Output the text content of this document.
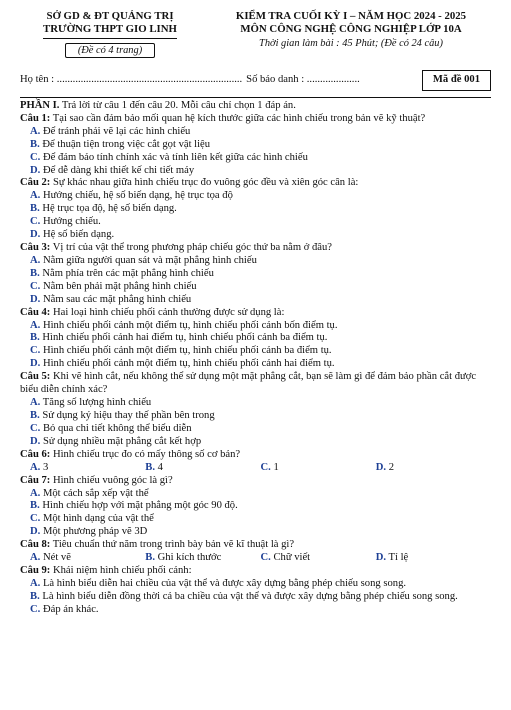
SỞ GD & ĐT QUẢNG TRỊ
TRƯỜNG THPT GIO LINH
(Đề có 4 trang)
KIỂM TRA CUỐI KỲ I – NĂM HỌC 2024 - 2025
MÔN CÔNG NGHỆ CÔNG NGHIỆP LỚP 10A
Thời gian làm bài : 45 Phút; (Đề có 24 câu)
Họ tên : ...................................................................... Số báo danh : ....................	Mã đề 001
PHẦN I. Trả lời từ câu 1 đến câu 20. Mỗi câu chỉ chọn 1 đáp án.
Câu 1: Tại sao cần đảm bảo mối quan hệ kích thước giữa các hình chiếu trong bản vẽ kỹ thuật?
A. Để tránh phải vẽ lại các hình chiếu
B. Để thuận tiện trong việc cắt gọt vật liệu
C. Để đảm bảo tính chính xác và tính liên kết giữa các hình chiếu
D. Để dễ dàng khi thiết kế chi tiết máy
Câu 2: Sự khác nhau giữa hình chiếu trục đo vuông góc đều và xiên góc cân là:
A. Hướng chiếu, hệ số biến dạng, hệ trục tọa độ
B. Hệ trục tọa độ, hệ số biến dạng.
C. Hướng chiếu.
D. Hệ số biến dạng.
Câu 3: Vị trí của vật thể trong phương pháp chiếu góc thứ ba nằm ở đâu?
A. Nằm giữa người quan sát và mặt phẳng hình chiếu
B. Nằm phía trên các mặt phẳng hình chiếu
C. Nằm bên phải mặt phẳng hình chiếu
D. Nằm sau các mặt phẳng hình chiếu
Câu 4: Hai loại hình chiếu phối cảnh thường được sử dụng là:
A. Hình chiếu phối cảnh một điểm tụ, hình chiếu phối cảnh bốn điểm tụ.
B. Hình chiếu phối cảnh hai điểm tụ, hình chiếu phối cảnh ba điểm tụ.
C. Hình chiếu phối cảnh một điểm tụ, hình chiếu phối cảnh ba điểm tụ.
D. Hình chiếu phối cảnh một điểm tụ, hình chiếu phối cảnh hai điểm tụ.
Câu 5: Khi vẽ hình cắt, nếu không thể sử dụng một mặt phẳng cắt, bạn sẽ làm gì để đảm bảo phần cắt được biểu diễn chính xác?
A. Tăng số lượng hình chiếu
B. Sử dụng ký hiệu thay thế phần bên trong
C. Bỏ qua chi tiết không thể biểu diễn
D. Sử dụng nhiều mặt phẳng cắt kết hợp
Câu 6: Hình chiếu trục đo có mấy thông số cơ bản?
A. 3	B. 4	C. 1	D. 2
Câu 7: Hình chiếu vuông góc là gì?
A. Một cách sắp xếp vật thể
B. Hình chiếu hợp với mặt phẳng một góc 90 độ.
C. Một hình dạng của vật thể
D. Một phương pháp vẽ 3D
Câu 8: Tiêu chuẩn thứ năm trong trình bày bản vẽ kĩ thuật là gì?
A. Nét vẽ	B. Ghi kích thước	C. Chữ viết	D. Tỉ lệ
Câu 9: Khái niệm hình chiếu phối cảnh:
A. Là hình biểu diễn hai chiều của vật thể và được xây dựng bằng phép chiếu song song.
B. Là hình biểu diễn đồng thời cả ba chiều của vật thể và được xây dựng bằng phép chiếu song song.
C. Đáp án khác.
